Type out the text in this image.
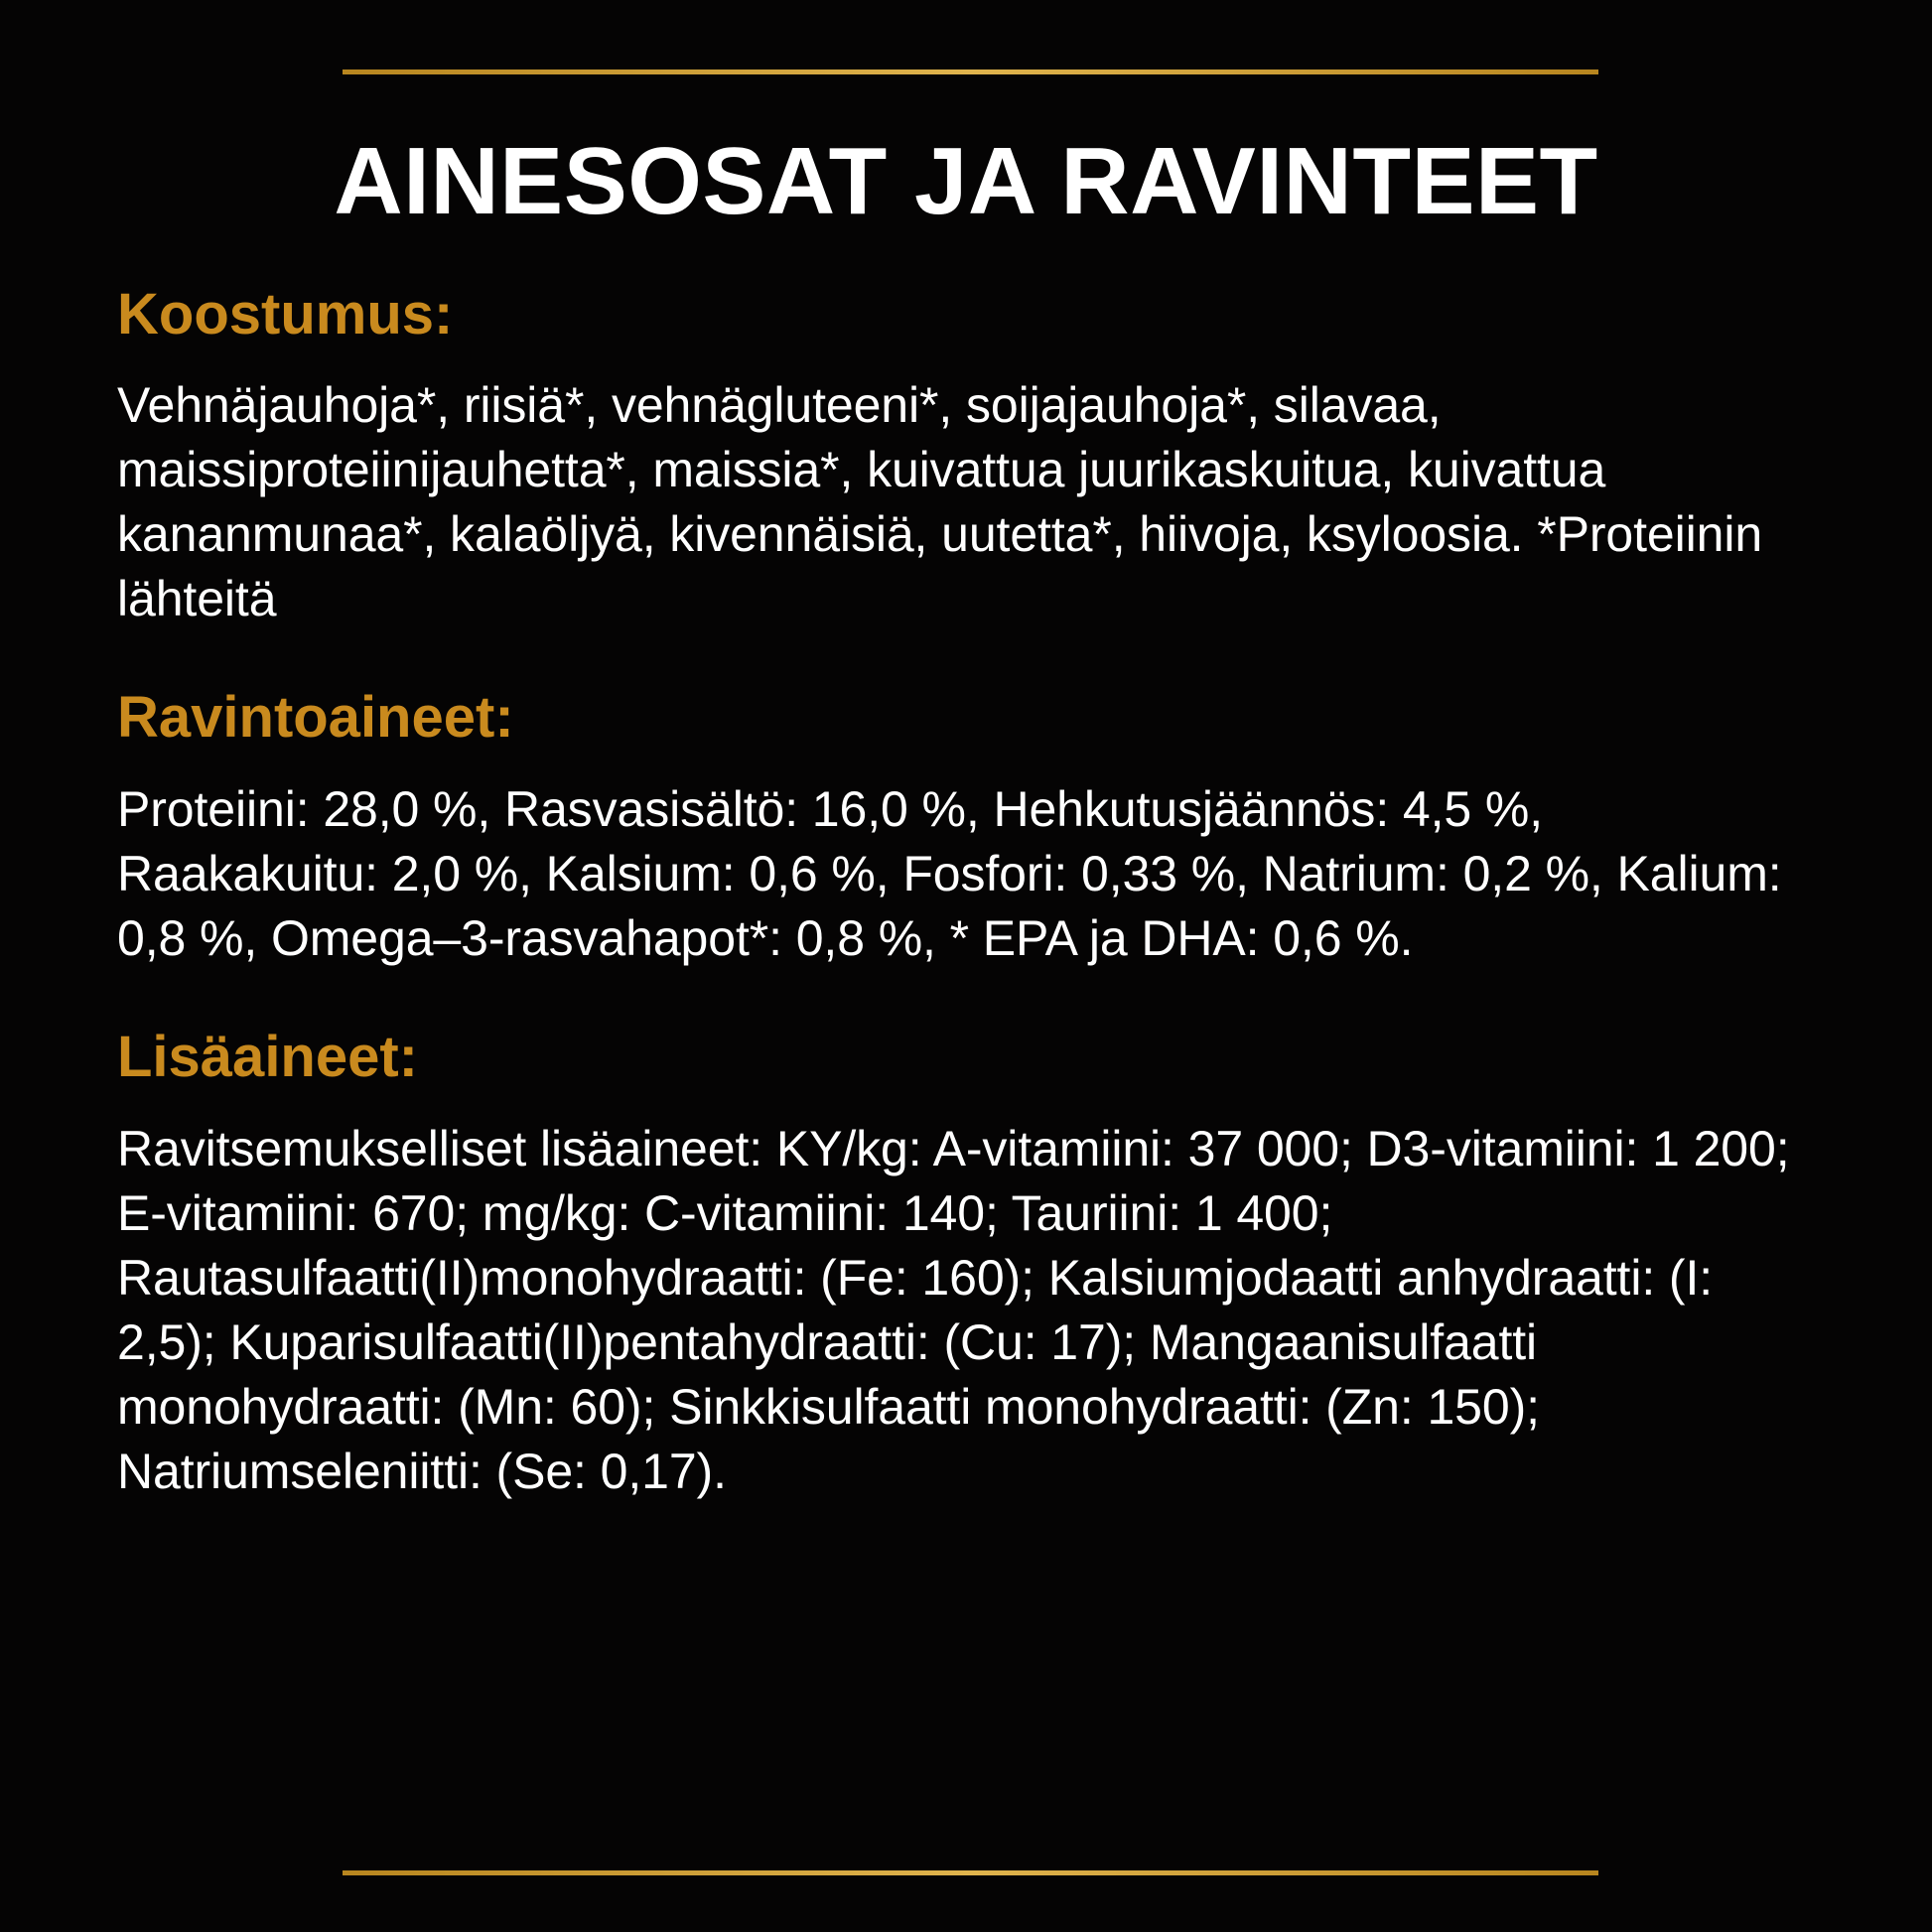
AINESOSAT JA RAVINTEET
Koostumus:

Vehnäjauhoja*, riisiä*, vehnägluteeni*, soijajauhoja*, silavaa, maissiproteiinijauhetta*, maissia*, kuivattua juurikaskuitua, kuivattua kananmunaa*, kalaöljyä, kivennäisiä, uutetta*, hiivoja, ksyloosia. *Proteiinin lähteitä

Ravintoaineet:

Proteiini: 28,0 %, Rasvasisältö: 16,0 %, Hehkutusjäännös: 4,5 %, Raakakuitu: 2,0 %, Kalsium: 0,6 %, Fosfori: 0,33 %, Natrium: 0,2 %, Kalium: 0,8 %, Omega–3-rasvahapot*: 0,8 %, * EPA ja DHA: 0,6 %.

Lisäaineet:

Ravitsemukselliset lisäaineet: KY/kg: A-vitamiini: 37 000; D3-vitamiini: 1 200; E-vitamiini: 670; mg/kg: C-vitamiini: 140; Tauriini: 1 400; Rautasulfaatti(II)monohydraatti: (Fe: 160); Kalsiumjodaatti anhydraatti: (I: 2,5); Kuparisulfaatti(II)pentahydraatti: (Cu: 17); Mangaanisulfaatti monohydraatti: (Mn: 60); Sinkkisulfaatti monohydraatti: (Zn: 150); Natriumseleniitti: (Se: 0,17).
